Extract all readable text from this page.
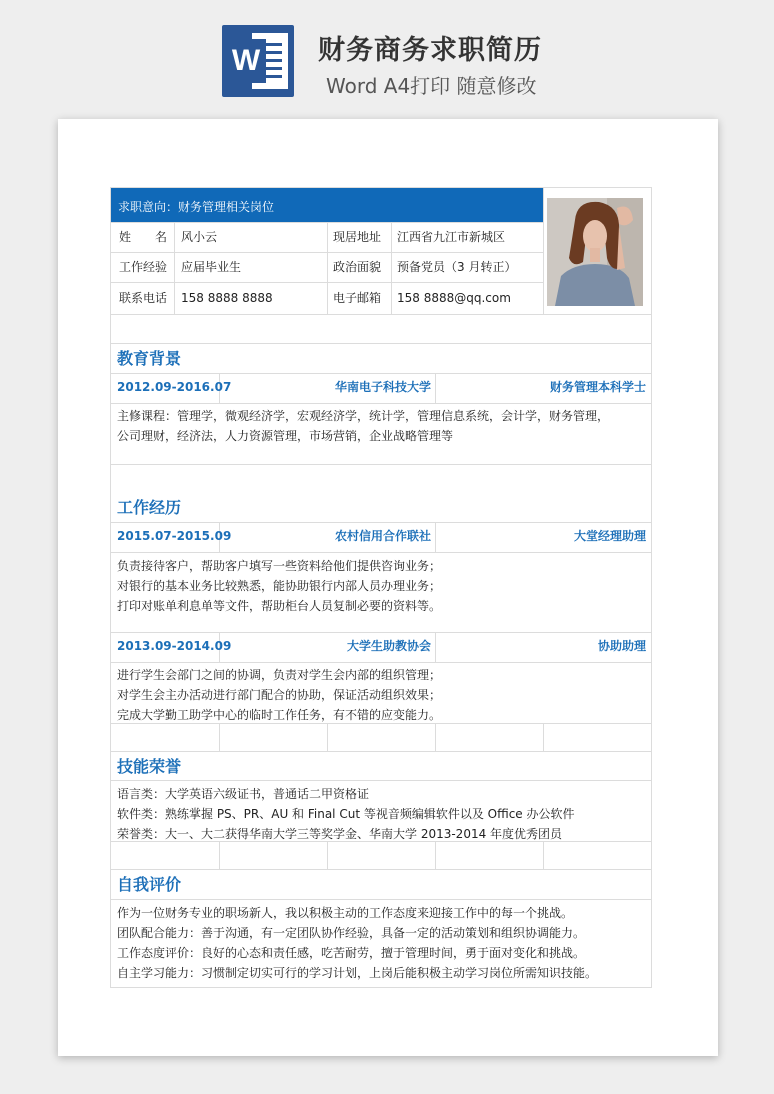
W 财务商务求职简历
Word A4打印 随意修改
求职意向：财务管理相关岗位
姓　　名 风小云	现居地址 江西省九江市新城区
工作经验 应届毕业生	政治面貌 预备党员（3 月转正）
联系电话 158 8888 8888	电子邮箱 158 8888@qq.com
教育背景
2012.09-2016.07	华南电子科技大学	财务管理本科学士
主修课程：管理学，微观经济学，宏观经济学，统计学，管理信息系统，会计学，财务管理，
公司理财，经济法，人力资源管理，市场营销，企业战略管理等
工作经历
2015.07-2015.09	农村信用合作联社	大堂经理助理
负责接待客户，帮助客户填写一些资料给他们提供咨询业务；
对银行的基本业务比较熟悉，能协助银行内部人员办理业务；
打印对账单利息单等文件，帮助柜台人员复制必要的资料等。
2013.09-2014.09	大学生助教协会	协助助理
进行学生会部门之间的协调，负责对学生会内部的组织管理；
对学生会主办活动进行部门配合的协助，保证活动组织效果；
完成大学勤工助学中心的临时工作任务，有不错的应变能力。
技能荣誉
语言类：大学英语六级证书，普通话二甲资格证
软件类：熟练掌握 PS、PR、AU 和 Final Cut 等视音频编辑软件以及 Office 办公软件
荣誉类：大一、大二获得华南大学三等奖学金、华南大学 2013-2014 年度优秀团员
自我评价
作为一位财务专业的职场新人，我以积极主动的工作态度来迎接工作中的每一个挑战。
团队配合能力：善于沟通，有一定团队协作经验，具备一定的活动策划和组织协调能力。
工作态度评价：良好的心态和责任感，吃苦耐劳，擅于管理时间，勇于面对变化和挑战。
自主学习能力：习惯制定切实可行的学习计划，上岗后能积极主动学习岗位所需知识技能。
